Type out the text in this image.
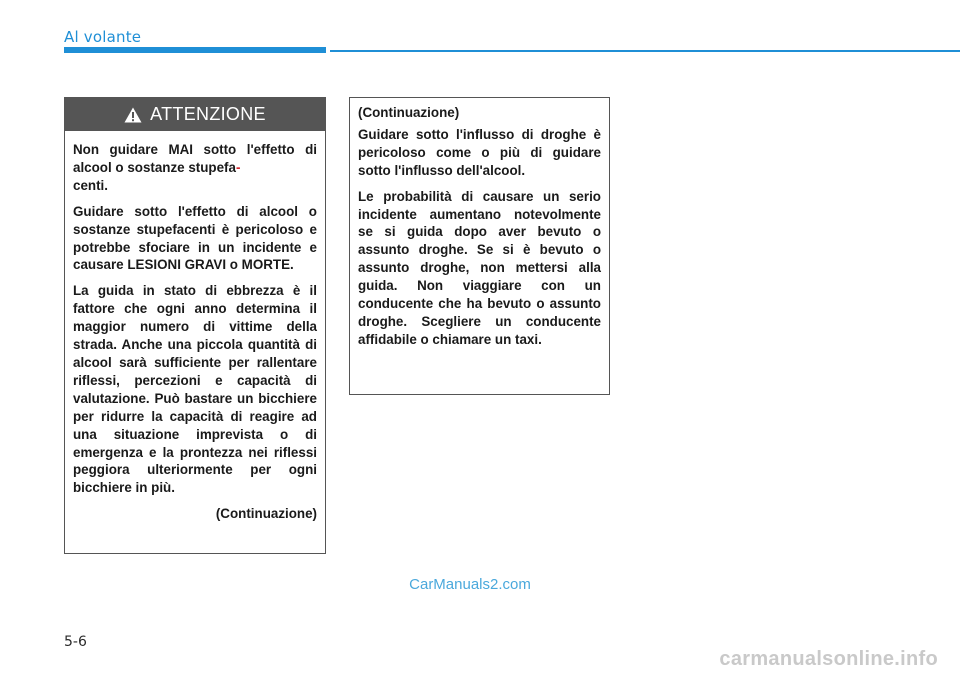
Al volante
ATTENZIONE

Non guidare MAI sotto l'effetto di alcool o sostanze stupefa-
centi.

Guidare sotto l'effetto di alcool o sostanze stupefacenti è pericoloso e potrebbe sfociare in un incidente e causare LESIONI GRAVI o MORTE.

La guida in stato di ebbrezza è il fattore che ogni anno determina il maggior numero di vittime della strada. Anche una piccola quantità di alcool sarà sufficiente per rallentare riflessi, percezioni e capacità di valutazione. Può bastare un bicchiere per ridurre la capacità di reagire ad una situazione imprevista o di emergenza e la prontezza nei riflessi peggiora ulteriormente per ogni bicchiere in più.

(Continuazione)

(Continuazione)

Guidare sotto l'influsso di droghe è pericoloso come o più di guidare sotto l'influsso dell'alcool.

Le probabilità di causare un serio incidente aumentano notevolmente se si guida dopo aver bevuto o assunto droghe. Se si è bevuto o assunto droghe, non mettersi alla guida. Non viaggiare con un conducente che ha bevuto o assunto droghe. Scegliere un conducente affidabile o chiamare un taxi.

CarManuals2.com
5-6
carmanualsonline.info
